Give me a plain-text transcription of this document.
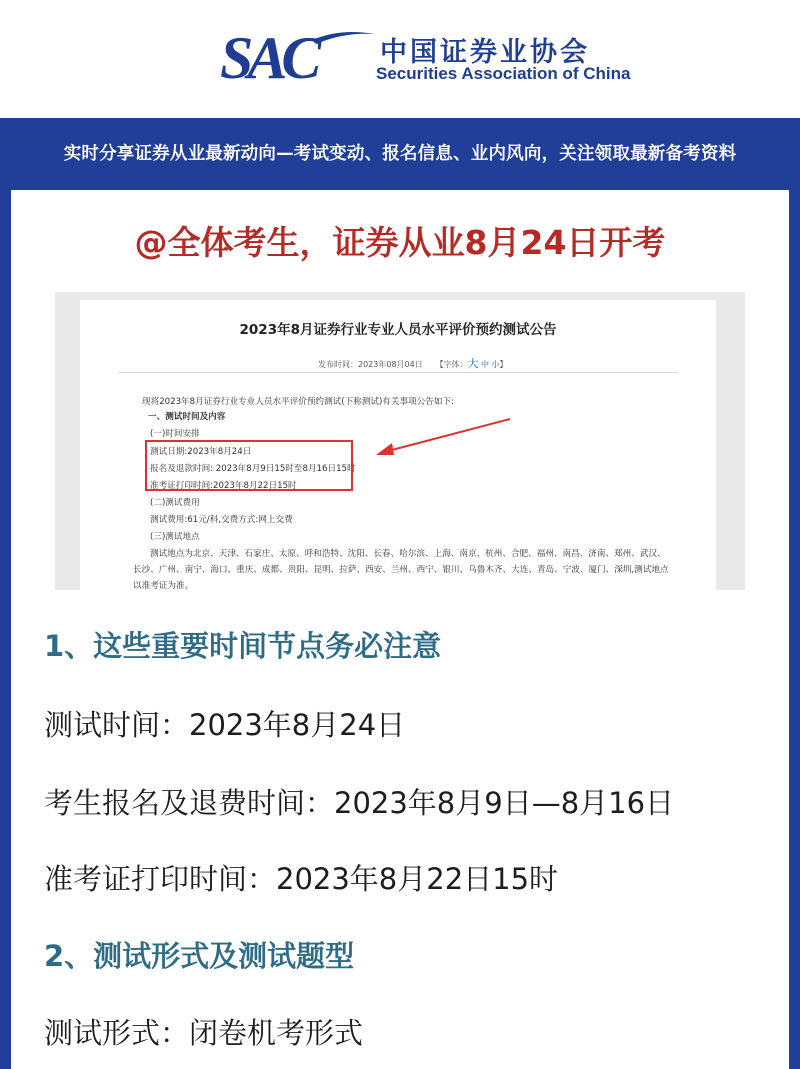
SAC 中国证券业协会
Securities Association of China
实时分享证券从业最新动向—考试变动、报名信息、业内风向，关注领取最新备考资料
@全体考生，证券从业8月24日开考
2023年8月证券行业专业人员水平评价预约测试公告
发布时间：2023年08月04日 【字体：大 中 小】
现将2023年8月证券行业专业人员水平评价预约测试(下称测试)有关事项公告如下:
一、测试时间及内容
(一)时间安排
测试日期:2023年8月24日
报名及退款时间: 2023年8月9日15时至8月16日15时
准考证打印时间:2023年8月22日15时
(二)测试费用
测试费用:61元/科,交费方式:网上交费
(三)测试地点
测试地点为北京、天津、石家庄、太原、呼和浩特、沈阳、长春、哈尔滨、上海、南京、杭州、合肥、福州、南昌、济南、郑州、武汉、
长沙、广州、南宁、海口、重庆、成都、贵阳、昆明、拉萨、西安、兰州、西宁、银川、乌鲁木齐、大连、青岛、宁波、厦门、深圳,测试地点
以准考证为准。
1、这些重要时间节点务必注意
测试时间：2023年8月24日
考生报名及退费时间：2023年8月9日—8月16日
准考证打印时间：2023年8月22日15时
2、测试形式及测试题型
测试形式：闭卷机考形式
